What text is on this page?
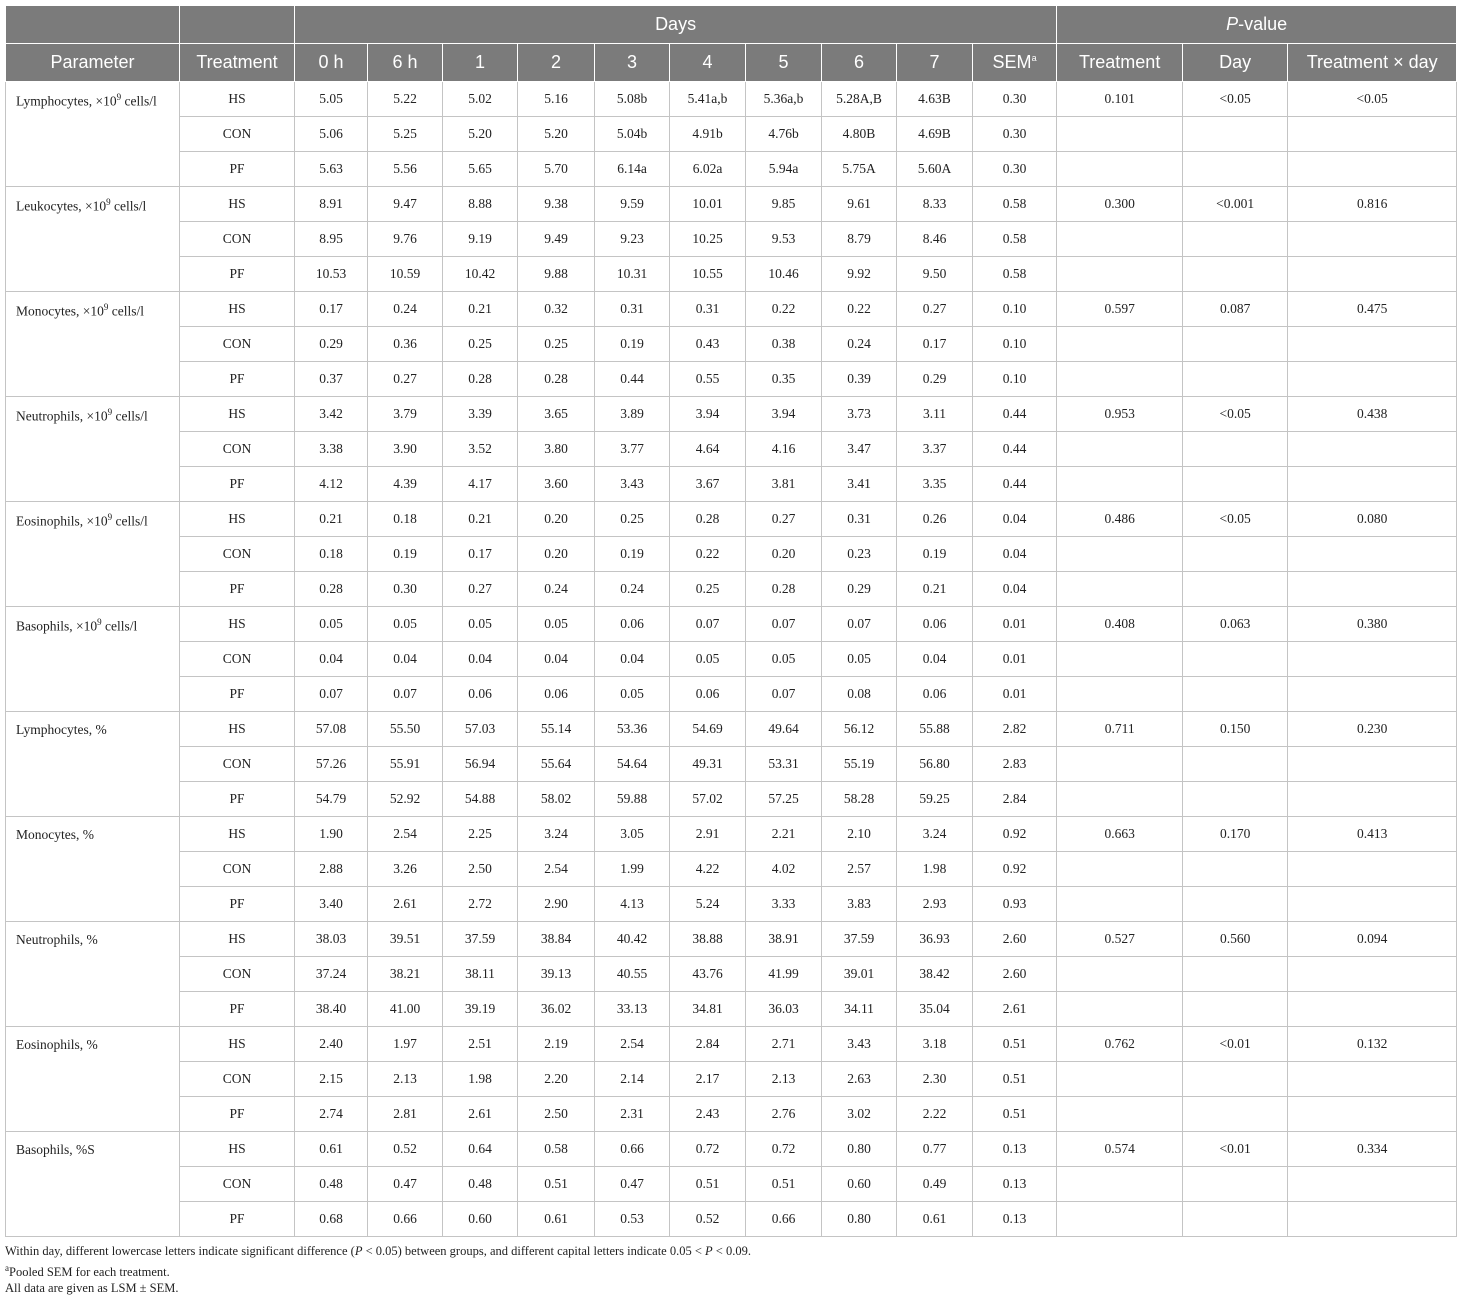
		Days										P-value		
Parameter	Treatment	0 h	6 h	1	2	3	4	5	6	7	SEM$^a$	Treatment	Day	Treatment × day
Lymphocytes, $\times 10^9$ cells/l	HS	5.05	5.22	5.02	5.16	5.08b	5.41a,b	5.36a,b	5.28A,B	4.63B	0.30	0.101	<0.05	<0.05
	CON	5.06	5.25	5.20	5.20	5.04b	4.91b	4.76b	4.80B	4.69B	0.30			
	PF	5.63	5.56	5.65	5.70	6.14a	6.02a	5.94a	5.75A	5.60A	0.30			
Leukocytes, $\times 10^9$ cells/l	HS	8.91	9.47	8.88	9.38	9.59	10.01	9.85	9.61	8.33	0.58	0.300	<0.001	0.816
	CON	8.95	9.76	9.19	9.49	9.23	10.25	9.53	8.79	8.46	0.58			
	PF	10.53	10.59	10.42	9.88	10.31	10.55	10.46	9.92	9.50	0.58			
Monocytes, $\times 10^9$ cells/l	HS	0.17	0.24	0.21	0.32	0.31	0.31	0.22	0.22	0.27	0.10	0.597	0.087	0.475
	CON	0.29	0.36	0.25	0.25	0.19	0.43	0.38	0.24	0.17	0.10			
	PF	0.37	0.27	0.28	0.28	0.44	0.55	0.35	0.39	0.29	0.10			
Neutrophils, $\times 10^9$ cells/l	HS	3.42	3.79	3.39	3.65	3.89	3.94	3.94	3.73	3.11	0.44	0.953	<0.05	0.438
	CON	3.38	3.90	3.52	3.80	3.77	4.64	4.16	3.47	3.37	0.44			
	PF	4.12	4.39	4.17	3.60	3.43	3.67	3.81	3.41	3.35	0.44			
Eosinophils, $\times 10^9$ cells/l	HS	0.21	0.18	0.21	0.20	0.25	0.28	0.27	0.31	0.26	0.04	0.486	<0.05	0.080
	CON	0.18	0.19	0.17	0.20	0.19	0.22	0.20	0.23	0.19	0.04			
	PF	0.28	0.30	0.27	0.24	0.24	0.25	0.28	0.29	0.21	0.04			
Basophils, $\times 10^9$ cells/l	HS	0.05	0.05	0.05	0.05	0.06	0.07	0.07	0.07	0.06	0.01	0.408	0.063	0.380
	CON	0.04	0.04	0.04	0.04	0.04	0.05	0.05	0.05	0.04	0.01			
	PF	0.07	0.07	0.06	0.06	0.05	0.06	0.07	0.08	0.06	0.01			
Lymphocytes, %	HS	57.08	55.50	57.03	55.14	53.36	54.69	49.64	56.12	55.88	2.82	0.711	0.150	0.230
	CON	57.26	55.91	56.94	55.64	54.64	49.31	53.31	55.19	56.80	2.83			
	PF	54.79	52.92	54.88	58.02	59.88	57.02	57.25	58.28	59.25	2.84			
Monocytes, %	HS	1.90	2.54	2.25	3.24	3.05	2.91	2.21	2.10	3.24	0.92	0.663	0.170	0.413
	CON	2.88	3.26	2.50	2.54	1.99	4.22	4.02	2.57	1.98	0.92			
	PF	3.40	2.61	2.72	2.90	4.13	5.24	3.33	3.83	2.93	0.93			
Neutrophils, %	HS	38.03	39.51	37.59	38.84	40.42	38.88	38.91	37.59	36.93	2.60	0.527	0.560	0.094
	CON	37.24	38.21	38.11	39.13	40.55	43.76	41.99	39.01	38.42	2.60			
	PF	38.40	41.00	39.19	36.02	33.13	34.81	36.03	34.11	35.04	2.61			
Eosinophils, %	HS	2.40	1.97	2.51	2.19	2.54	2.84	2.71	3.43	3.18	0.51	0.762	<0.01	0.132
	CON	2.15	2.13	1.98	2.20	2.14	2.17	2.13	2.63	2.30	0.51			
	PF	2.74	2.81	2.61	2.50	2.31	2.43	2.76	3.02	2.22	0.51			
Basophils, %S	HS	0.61	0.52	0.64	0.58	0.66	0.72	0.72	0.80	0.77	0.13	0.574	<0.01	0.334
	CON	0.48	0.47	0.48	0.51	0.47	0.51	0.51	0.60	0.49	0.13			
	PF	0.68	0.66	0.60	0.61	0.53	0.52	0.66	0.80	0.61	0.13			
Within day, different lowercase letters indicate significant difference (P < 0.05) between groups, and different capital letters indicate 0.05 < P < 0.09.
$^a$Pooled SEM for each treatment.
All data are given as LSM ± SEM.
